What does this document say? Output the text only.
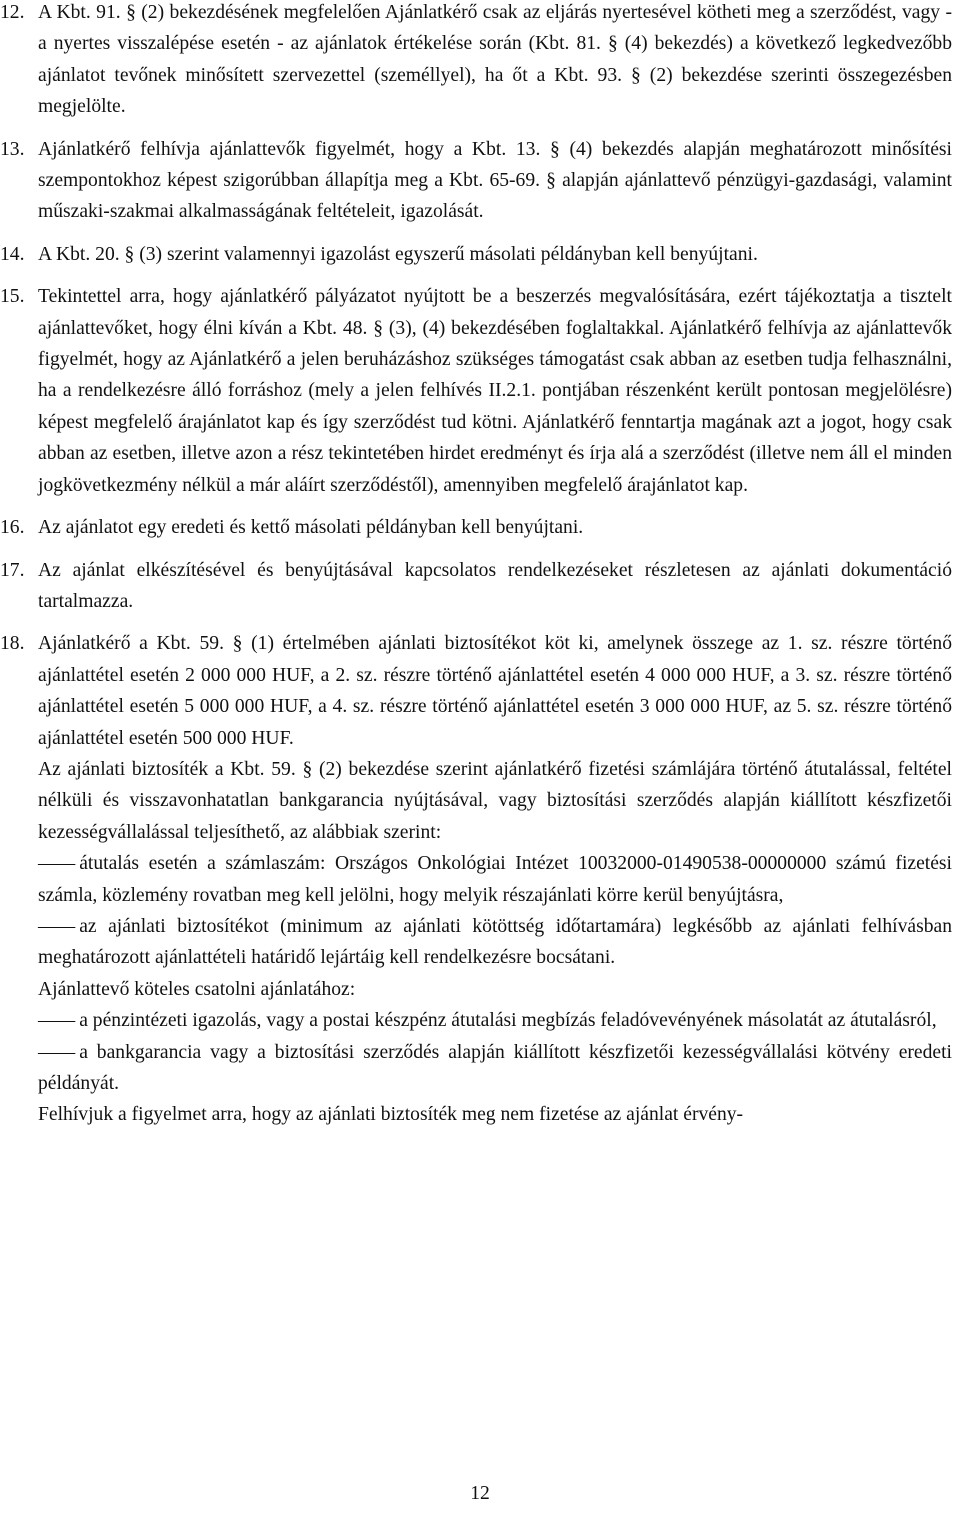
12. A Kbt. 91. § (2) bekezdésének megfelelően Ajánlatkérő csak az eljárás nyertesével kötheti meg a szerződést, vagy - a nyertes visszalépése esetén - az ajánlatok értékelése során (Kbt. 81. § (4) bekezdés) a következő legkedvezőbb ajánlatot tevőnek minősített szervezettel (személlyel), ha őt a Kbt. 93. § (2) bekezdése szerinti összegezésben megjelölte.

13. Ajánlatkérő felhívja ajánlattevők figyelmét, hogy a Kbt. 13. § (4) bekezdés alapján meghatározott minősítési szempontokhoz képest szigorúbban állapítja meg a Kbt. 65-69. § alapján ajánlattevő pénzügyi-gazdasági, valamint műszaki-szakmai alkalmasságának feltételeit, igazolását.

14. A Kbt. 20. § (3) szerint valamennyi igazolást egyszerű másolati példányban kell benyújtani.

15. Tekintettel arra, hogy ajánlatkérő pályázatot nyújtott be a beszerzés megvalósítására, ezért tájékoztatja a tisztelt ajánlattevőket, hogy élni kíván a Kbt. 48. § (3), (4) bekezdésében foglaltakkal. Ajánlatkérő felhívja az ajánlattevők figyelmét, hogy az Ajánlatkérő a jelen beruházáshoz szükséges támogatást csak abban az esetben tudja felhasználni, ha a rendelkezésre álló forráshoz (mely a jelen felhívés II.2.1. pontjában részenként került pontosan megjelölésre) képest megfelelő árajánlatot kap és így szerződést tud kötni. Ajánlatkérő fenntartja magának azt a jogot, hogy csak abban az esetben, illetve azon a rész tekintetében hirdet eredményt és írja alá a szerződést (illetve nem áll el minden jogkövetkezmény nélkül a már aláírt szerződéstől), amennyiben megfelelő árajánlatot kap.

16. Az ajánlatot egy eredeti és kettő másolati példányban kell benyújtani.

17. Az ajánlat elkészítésével és benyújtásával kapcsolatos rendelkezéseket részletesen az ajánlati dokumentáció tartalmazza.

18. Ajánlatkérő a Kbt. 59. § (1) értelmében ajánlati biztosítékot köt ki, amelynek összege az 1. sz. részre történő ajánlattétel esetén 2 000 000 HUF, a 2. sz. részre történő ajánlattétel esetén 4 000 000 HUF, a 3. sz. részre történő ajánlattétel esetén 5 000 000 HUF, a 4. sz. részre történő ajánlattétel esetén 3 000 000 HUF, az 5. sz. részre történő ajánlattétel esetén 500 000 HUF.

Az ajánlati biztosíték a Kbt. 59. § (2) bekezdése szerint ajánlatkérő fizetési számlájára történő átutalással, feltétel nélküli és visszavonhatatlan bankgarancia nyújtásával, vagy biztosítási szerződés alapján kiállított készfizetői kezességvállalással teljesíthető, az alábbiak szerint:

—— átutalás esetén a számlaszám: Országos Onkológiai Intézet 10032000-01490538-00000000 számú fizetési számla, közlemény rovatban meg kell jelölni, hogy melyik részajánlati körre kerül benyújtásra,

—— az ajánlati biztosítékot (minimum az ajánlati kötöttség időtartamára) legkésőbb az ajánlati felhívásban meghatározott ajánlattételi határidő lejártáig kell rendelkezésre bocsátani.

Ajánlattevő köteles csatolni ajánlatához:

—— a pénzintézeti igazolás, vagy a postai készpénz átutalási megbízás feladóvevényének másolatát az átutalásról,

—— a bankgarancia vagy a biztosítási szerződés alapján kiállított készfizetői kezességvállalási kötvény eredeti példányát.

Felhívjuk a figyelmet arra, hogy az ajánlati biztosíték meg nem fizetése az ajánlat érvény-

12
